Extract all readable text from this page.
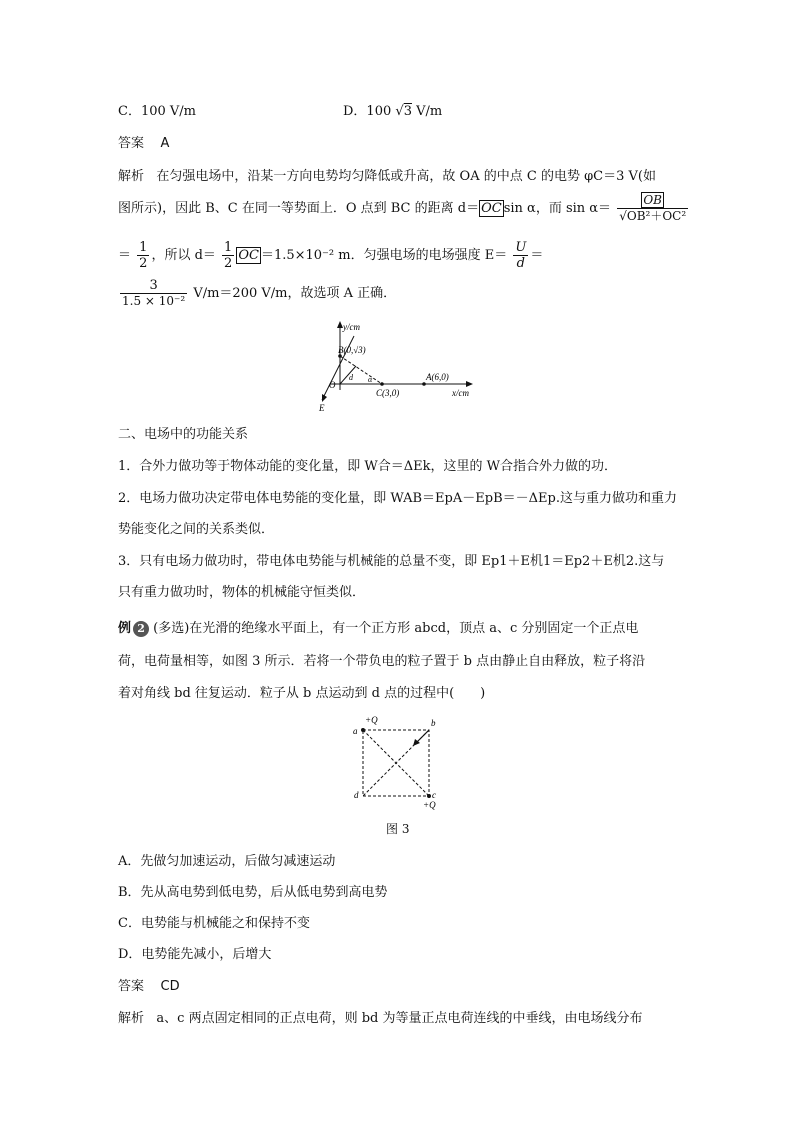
C．100 V/m	D．100 √3 V/m
答案 A
解析 在匀强电场中，沿某一方向电势均匀降低或升高，故 OA 的中点 C 的电势 φC＝3 V(如
图所示)，因此 B、C 在同一等势面上．O 点到 BC 的距离 d＝ OC sin α，而 $\sin \alpha= \frac{OB}{\text{√OB²＋OC²}}$
＝ $\frac{1}{2}$ ，所以 $d= \frac{1}{2}$ OC ＝1.5×10⁻² m．匀强电场的电场强度 $E= \frac{U}{d}$ ＝
$\frac{3}{\text{1.5 × 10⁻²}} V/m=200$ V/m，故选项 A 正确．
y/cm
x/cm
B(0,√3)
A(6,0)
C(3,0)
O
E
d α
二、电场中的功能关系
1．合外力做功等于物体动能的变化量，即 W合＝ΔEk，这里的 W合指合外力做的功．
2．电场力做功决定带电体电势能的变化量，即 WAB＝EpA－EpB＝－ΔEp.这与重力做功和重力
势能变化之间的关系类似．
3．只有电场力做功时，带电体电势能与机械能的总量不变，即 Ep1＋E机1＝Ep2＋E机2.这与
只有重力做功时，物体的机械能守恒类似．
例 2 (多选)在光滑的绝缘水平面上，有一个正方形 abcd，顶点 a、c 分别固定一个正点电
荷，电荷量相等，如图 3 所示．若将一个带负电的粒子置于 b 点由静止自由释放，粒子将沿
着对角线 bd 往复运动．粒子从 b 点运动到 d 点的过程中(　　)
+Q
+Q
a
b
c
d
图 3
A．先做匀加速运动，后做匀减速运动
B．先从高电势到低电势，后从低电势到高电势
C．电势能与机械能之和保持不变
D．电势能先减小，后增大
答案 CD
解析 a、c 两点固定相同的正点电荷，则 bd 为等量正点电荷连线的中垂线，由电场线分布
